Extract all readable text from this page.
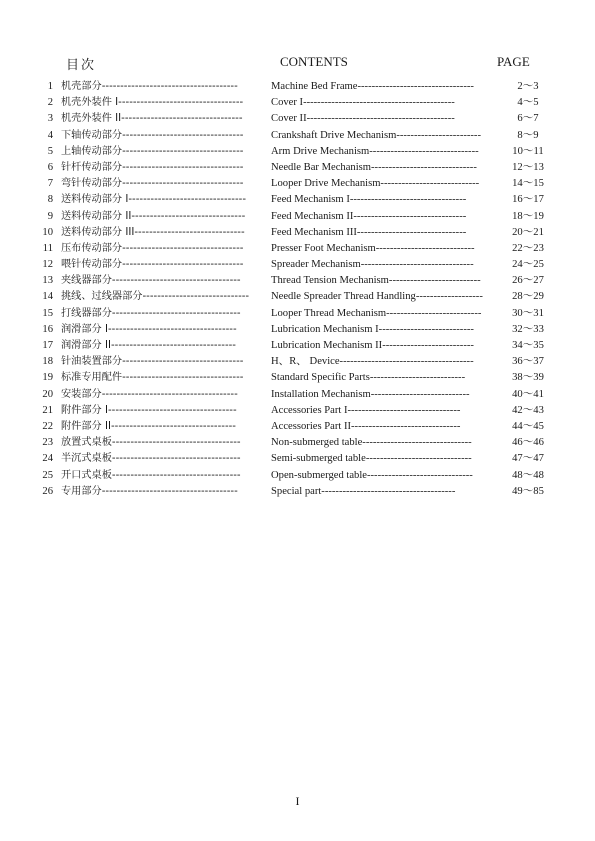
目次	CONTENTS	PAGE
1 机壳部分-------------------------------------	Machine Bed Frame---------------------------------	2～3
2 机壳外装件 I----------------------------------	Cover I-------------------------------------------	4～5
3 机壳外装件 II---------------------------------	Cover II------------------------------------------	6～7
4 下轴传动部分---------------------------------	Crankshaft Drive Mechanism------------------------	8～9
5 上轴传动部分---------------------------------	Arm Drive Mechanism-------------------------------	10～11
6 针杆传动部分---------------------------------	Needle Bar Mechanism------------------------------	12～13
7 弯针传动部分---------------------------------	Looper Drive Mechanism----------------------------	14～15
8 送料传动部分 I--------------------------------	Feed Mechanism I---------------------------------	16～17
9 送料传动部分 II-------------------------------	Feed Mechanism II--------------------------------	18～19
10 送料传动部分 III------------------------------	Feed Mechanism III-------------------------------	20～21
11 压布传动部分---------------------------------	Presser Foot Mechanism----------------------------	22～23
12 喂针传动部分---------------------------------	Spreader Mechanism--------------------------------	24～25
13 夹线器部分-----------------------------------	Thread Tension Mechanism--------------------------	26～27
14 挑线、过线器部分-----------------------------	Needle Spreader Thread Handling-------------------	28～29
15 打线器部分-----------------------------------	Looper Thread Mechanism---------------------------	30～31
16 润滑部分 I-----------------------------------	Lubrication Mechanism I---------------------------	32～33
17 润滑部分 II----------------------------------	Lubrication Mechanism II--------------------------	34～35
18 针油装置部分---------------------------------	H、R、 Device--------------------------------------	36～37
19 标准专用配件---------------------------------	Standard Specific Parts---------------------------	38～39
20 安装部分-------------------------------------	Installation Mechanism----------------------------	40～41
21 附件部分 I-----------------------------------	Accessories Part I--------------------------------	42～43
22 附件部分 II----------------------------------	Accessories Part II-------------------------------	44～45
23 放置式桌板-----------------------------------	Non-submerged table-------------------------------	46～46
24 半沉式桌板-----------------------------------	Semi-submerged table------------------------------	47～47
25 开口式桌板-----------------------------------	Open-submerged table------------------------------	48～48
26 专用部分-------------------------------------	Special part--------------------------------------	49～85
I
